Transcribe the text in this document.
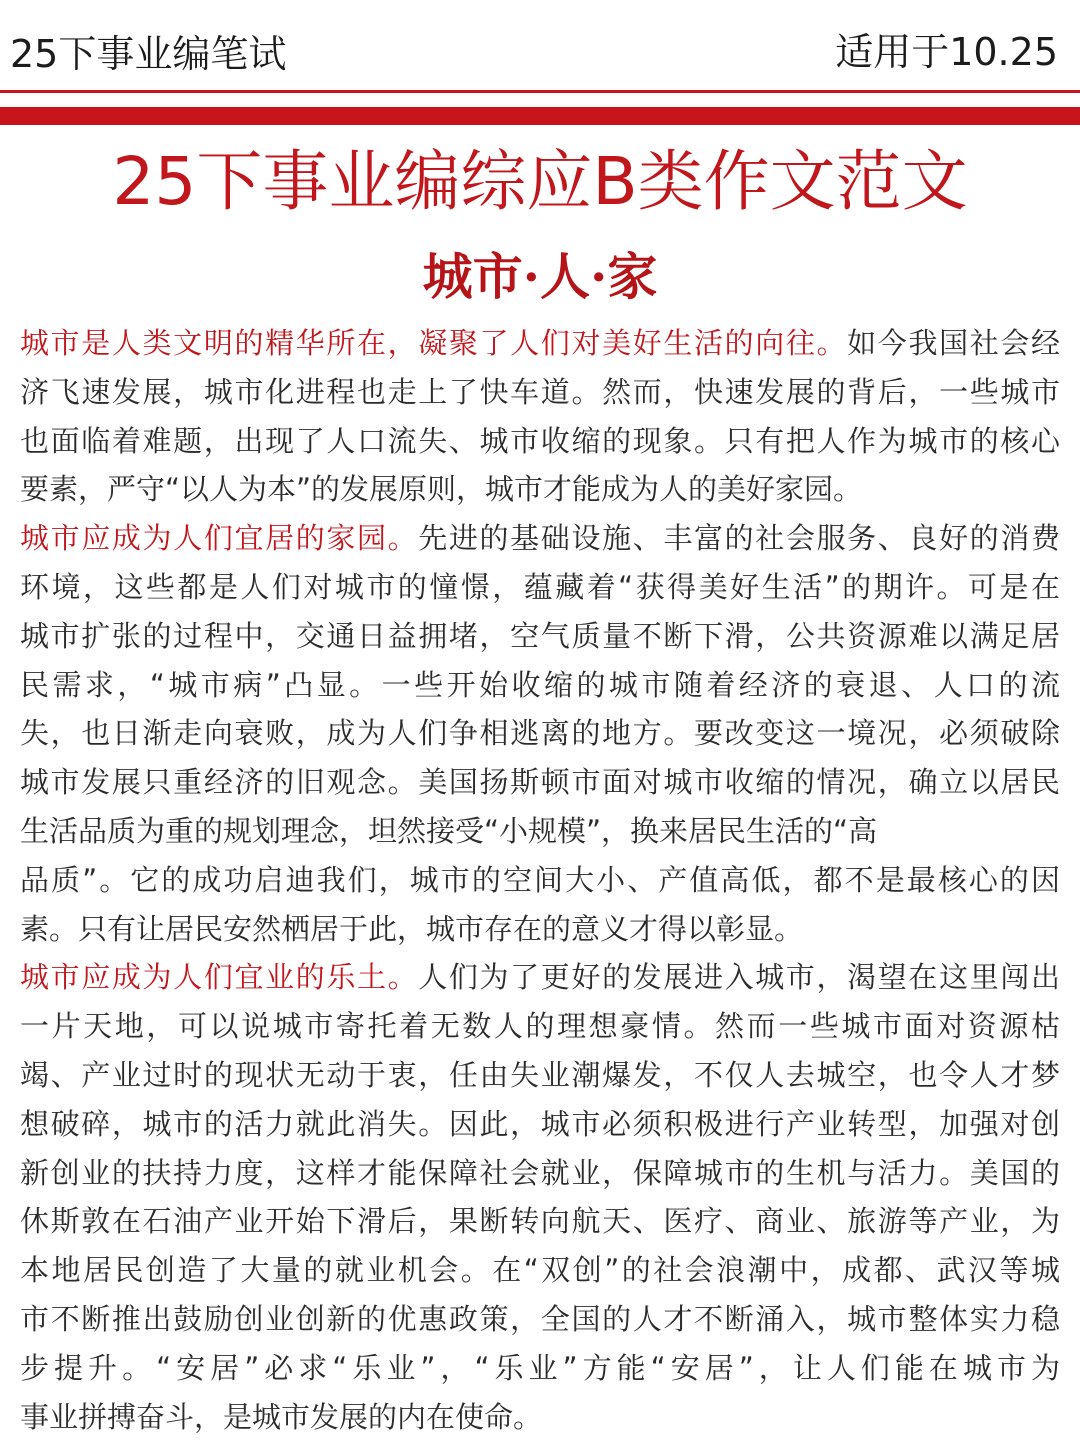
25下事业编笔试	适用于10.25
25下事业编综应B类作文范文
城市·人·家
城市是人类文明的精华所在，凝聚了人们对美好生活的向往。如今我国社会经
济飞速发展，城市化进程也走上了快车道。然而，快速发展的背后，一些城市
也面临着难题，出现了人口流失、城市收缩的现象。只有把人作为城市的核心
要素，严守“以人为本”的发展原则，城市才能成为人的美好家园。
城市应成为人们宜居的家园。先进的基础设施、丰富的社会服务、良好的消费
环境，这些都是人们对城市的憧憬，蕴藏着“获得美好生活”的期许。可是在
城市扩张的过程中，交通日益拥堵，空气质量不断下滑，公共资源难以满足居
民需求，“城市病”凸显。一些开始收缩的城市随着经济的衰退、人口的流
失，也日渐走向衰败，成为人们争相逃离的地方。要改变这一境况，必须破除
城市发展只重经济的旧观念。美国扬斯顿市面对城市收缩的情况，确立以居民
生活品质为重的规划理念，坦然接受“小规模”，换来居民生活的“高
品质”。它的成功启迪我们，城市的空间大小、产值高低，都不是最核心的因
素。只有让居民安然栖居于此，城市存在的意义才得以彰显。
城市应成为人们宜业的乐土。人们为了更好的发展进入城市，渴望在这里闯出
一片天地，可以说城市寄托着无数人的理想豪情。然而一些城市面对资源枯
竭、产业过时的现状无动于衷，任由失业潮爆发，不仅人去城空，也令人才梦
想破碎，城市的活力就此消失。因此，城市必须积极进行产业转型，加强对创
新创业的扶持力度，这样才能保障社会就业，保障城市的生机与活力。美国的
休斯敦在石油产业开始下滑后，果断转向航天、医疗、商业、旅游等产业，为
本地居民创造了大量的就业机会。在“双创”的社会浪潮中，成都、武汉等城
市不断推出鼓励创业创新的优惠政策，全国的人才不断涌入，城市整体实力稳
步提升。“安居”必求“乐业”，“乐业”方能“安居”，让人们能在城市为
事业拼搏奋斗，是城市发展的内在使命。
